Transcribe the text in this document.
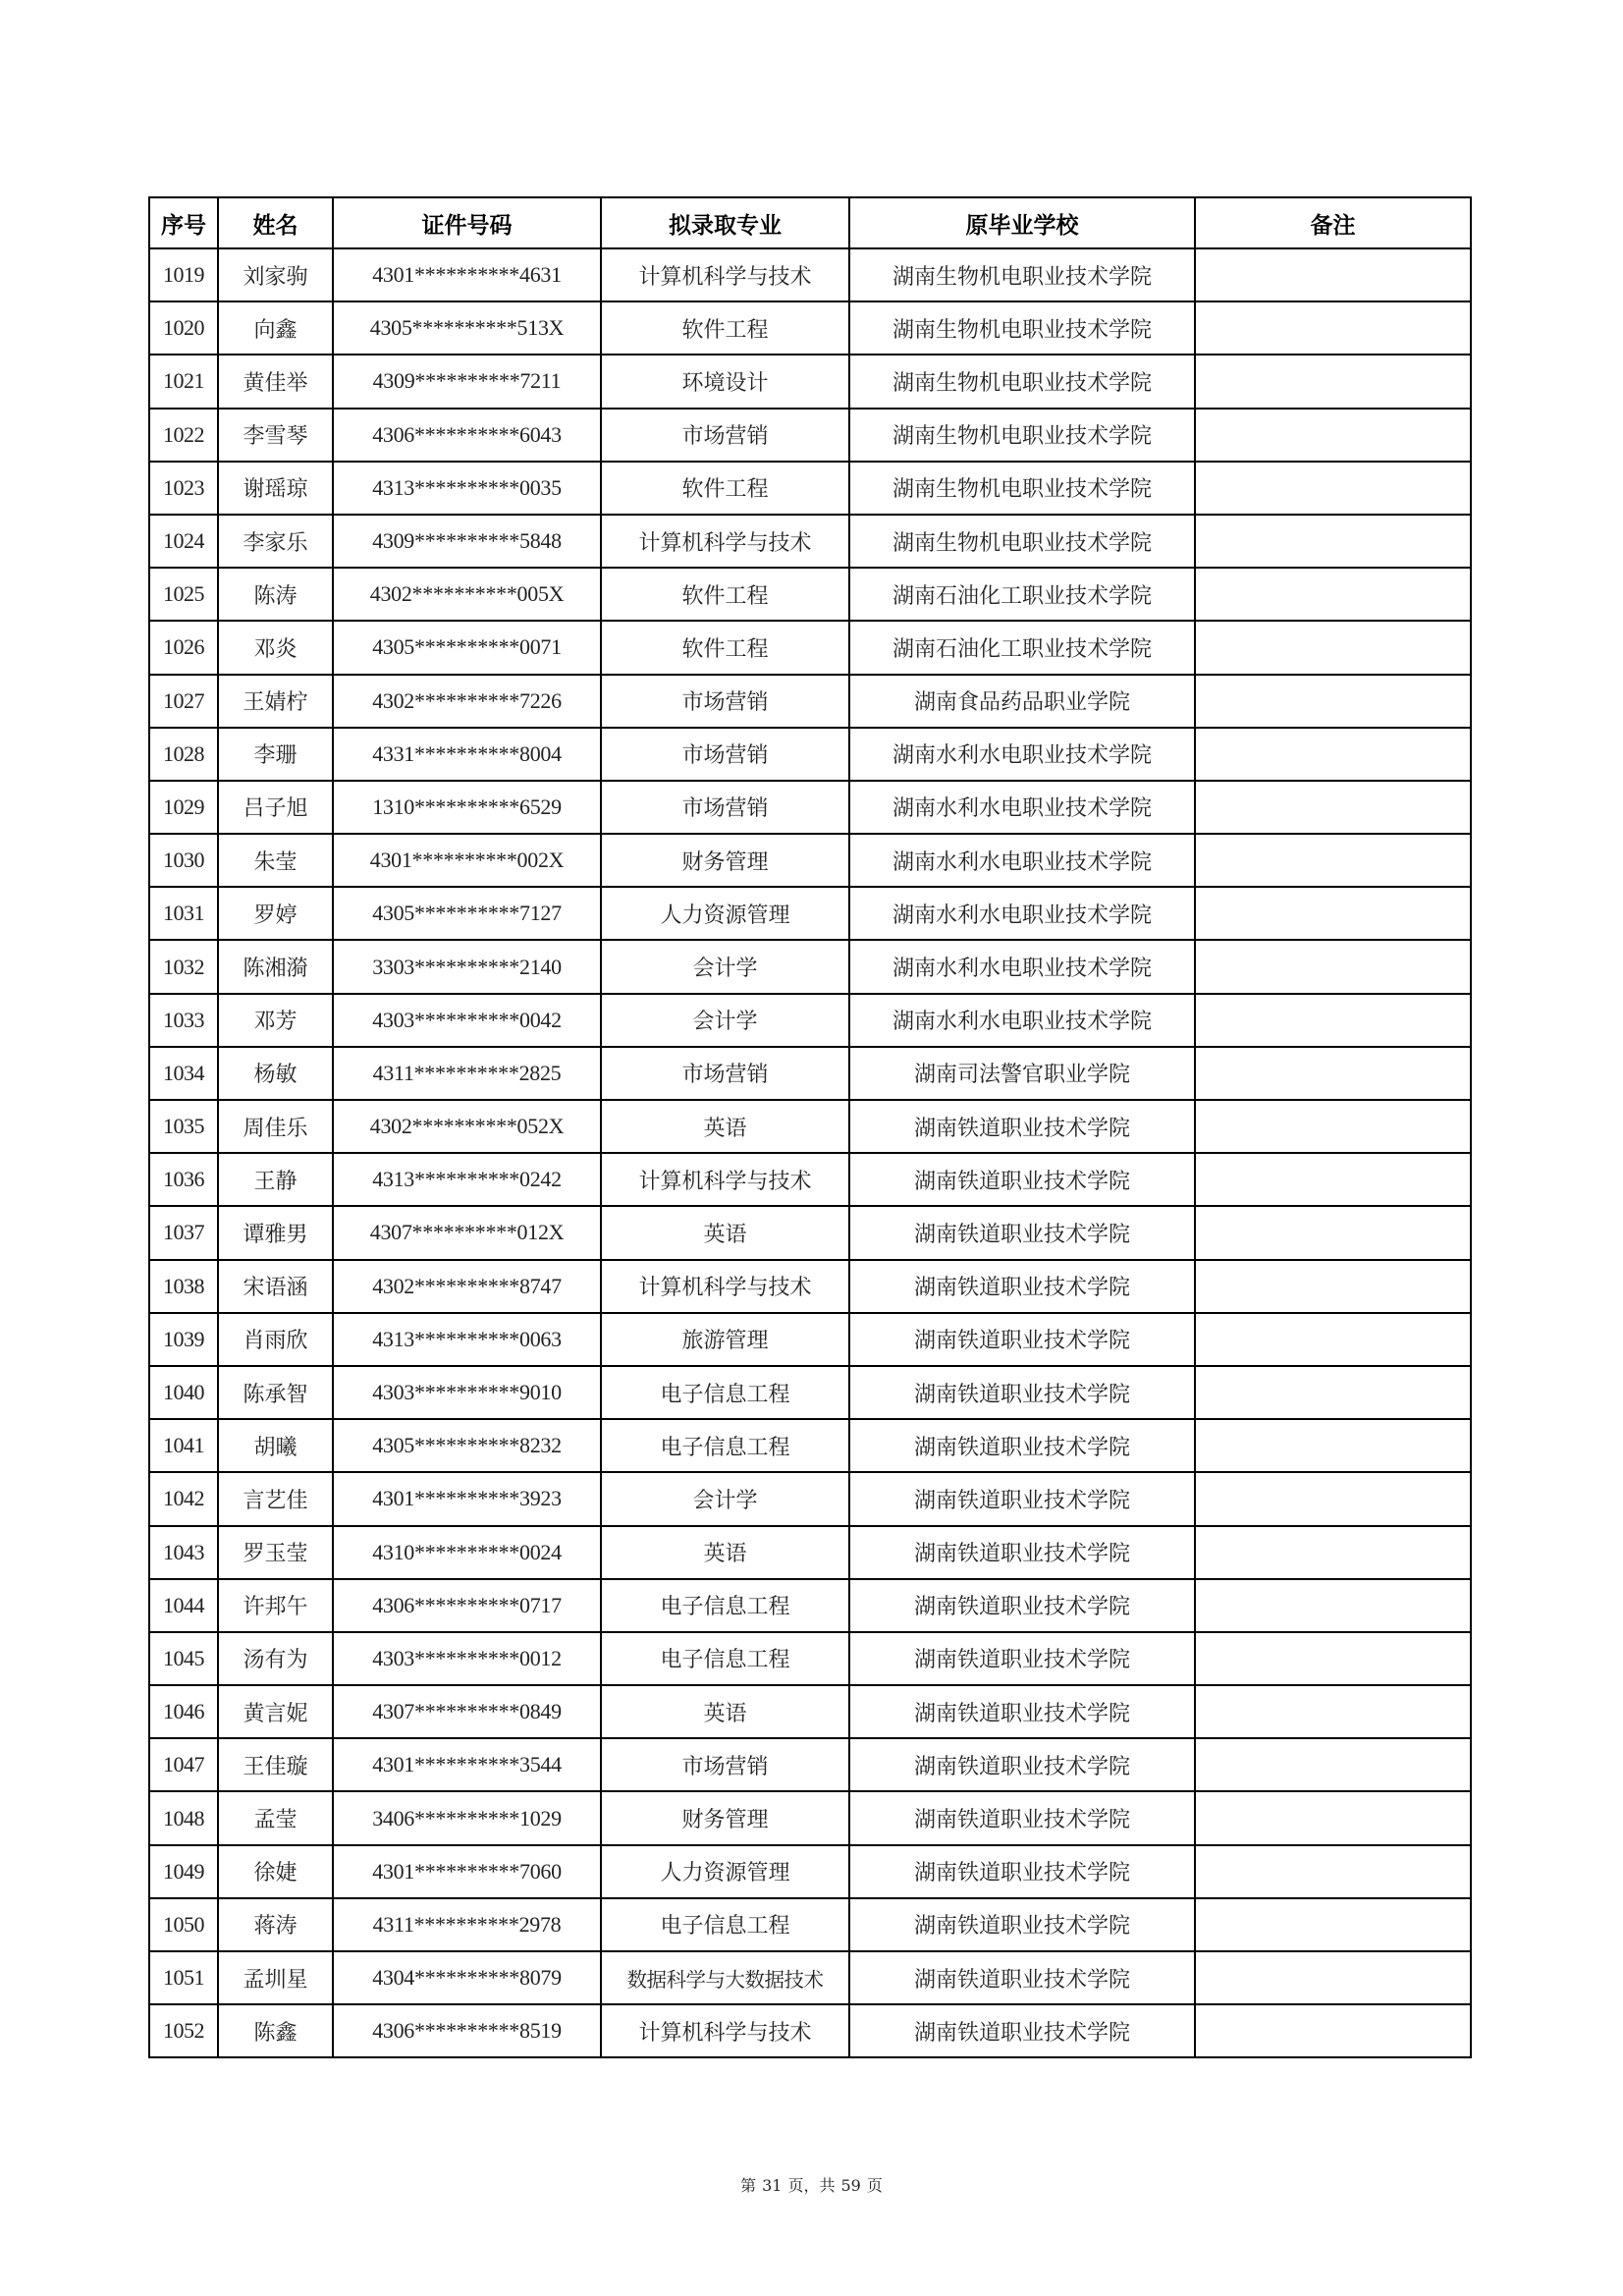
序号	姓名	证件号码	拟录取专业	原毕业学校	备注
1019	刘家驹	4301**********4631	计算机科学与技术	湖南生物机电职业技术学院	
1020	向鑫	4305**********513X	软件工程	湖南生物机电职业技术学院	
1021	黄佳举	4309**********7211	环境设计	湖南生物机电职业技术学院	
1022	李雪琴	4306**********6043	市场营销	湖南生物机电职业技术学院	
1023	谢瑶琼	4313**********0035	软件工程	湖南生物机电职业技术学院	
1024	李家乐	4309**********5848	计算机科学与技术	湖南生物机电职业技术学院	
1025	陈涛	4302**********005X	软件工程	湖南石油化工职业技术学院	
1026	邓炎	4305**********0071	软件工程	湖南石油化工职业技术学院	
1027	王婧柠	4302**********7226	市场营销	湖南食品药品职业学院	
1028	李珊	4331**********8004	市场营销	湖南水利水电职业技术学院	
1029	吕子旭	1310**********6529	市场营销	湖南水利水电职业技术学院	
1030	朱莹	4301**********002X	财务管理	湖南水利水电职业技术学院	
1031	罗婷	4305**********7127	人力资源管理	湖南水利水电职业技术学院	
1032	陈湘漪	3303**********2140	会计学	湖南水利水电职业技术学院	
1033	邓芳	4303**********0042	会计学	湖南水利水电职业技术学院	
1034	杨敏	4311**********2825	市场营销	湖南司法警官职业学院	
1035	周佳乐	4302**********052X	英语	湖南铁道职业技术学院	
1036	王静	4313**********0242	计算机科学与技术	湖南铁道职业技术学院	
1037	谭雅男	4307**********012X	英语	湖南铁道职业技术学院	
1038	宋语涵	4302**********8747	计算机科学与技术	湖南铁道职业技术学院	
1039	肖雨欣	4313**********0063	旅游管理	湖南铁道职业技术学院	
1040	陈承智	4303**********9010	电子信息工程	湖南铁道职业技术学院	
1041	胡曦	4305**********8232	电子信息工程	湖南铁道职业技术学院	
1042	言艺佳	4301**********3923	会计学	湖南铁道职业技术学院	
1043	罗玉莹	4310**********0024	英语	湖南铁道职业技术学院	
1044	许邦午	4306**********0717	电子信息工程	湖南铁道职业技术学院	
1045	汤有为	4303**********0012	电子信息工程	湖南铁道职业技术学院	
1046	黄言妮	4307**********0849	英语	湖南铁道职业技术学院	
1047	王佳璇	4301**********3544	市场营销	湖南铁道职业技术学院	
1048	孟莹	3406**********1029	财务管理	湖南铁道职业技术学院	
1049	徐婕	4301**********7060	人力资源管理	湖南铁道职业技术学院	
1050	蒋涛	4311**********2978	电子信息工程	湖南铁道职业技术学院	
1051	孟圳星	4304**********8079	数据科学与大数据技术	湖南铁道职业技术学院	
1052	陈鑫	4306**********8519	计算机科学与技术	湖南铁道职业技术学院	
第 31 页，共 59 页
